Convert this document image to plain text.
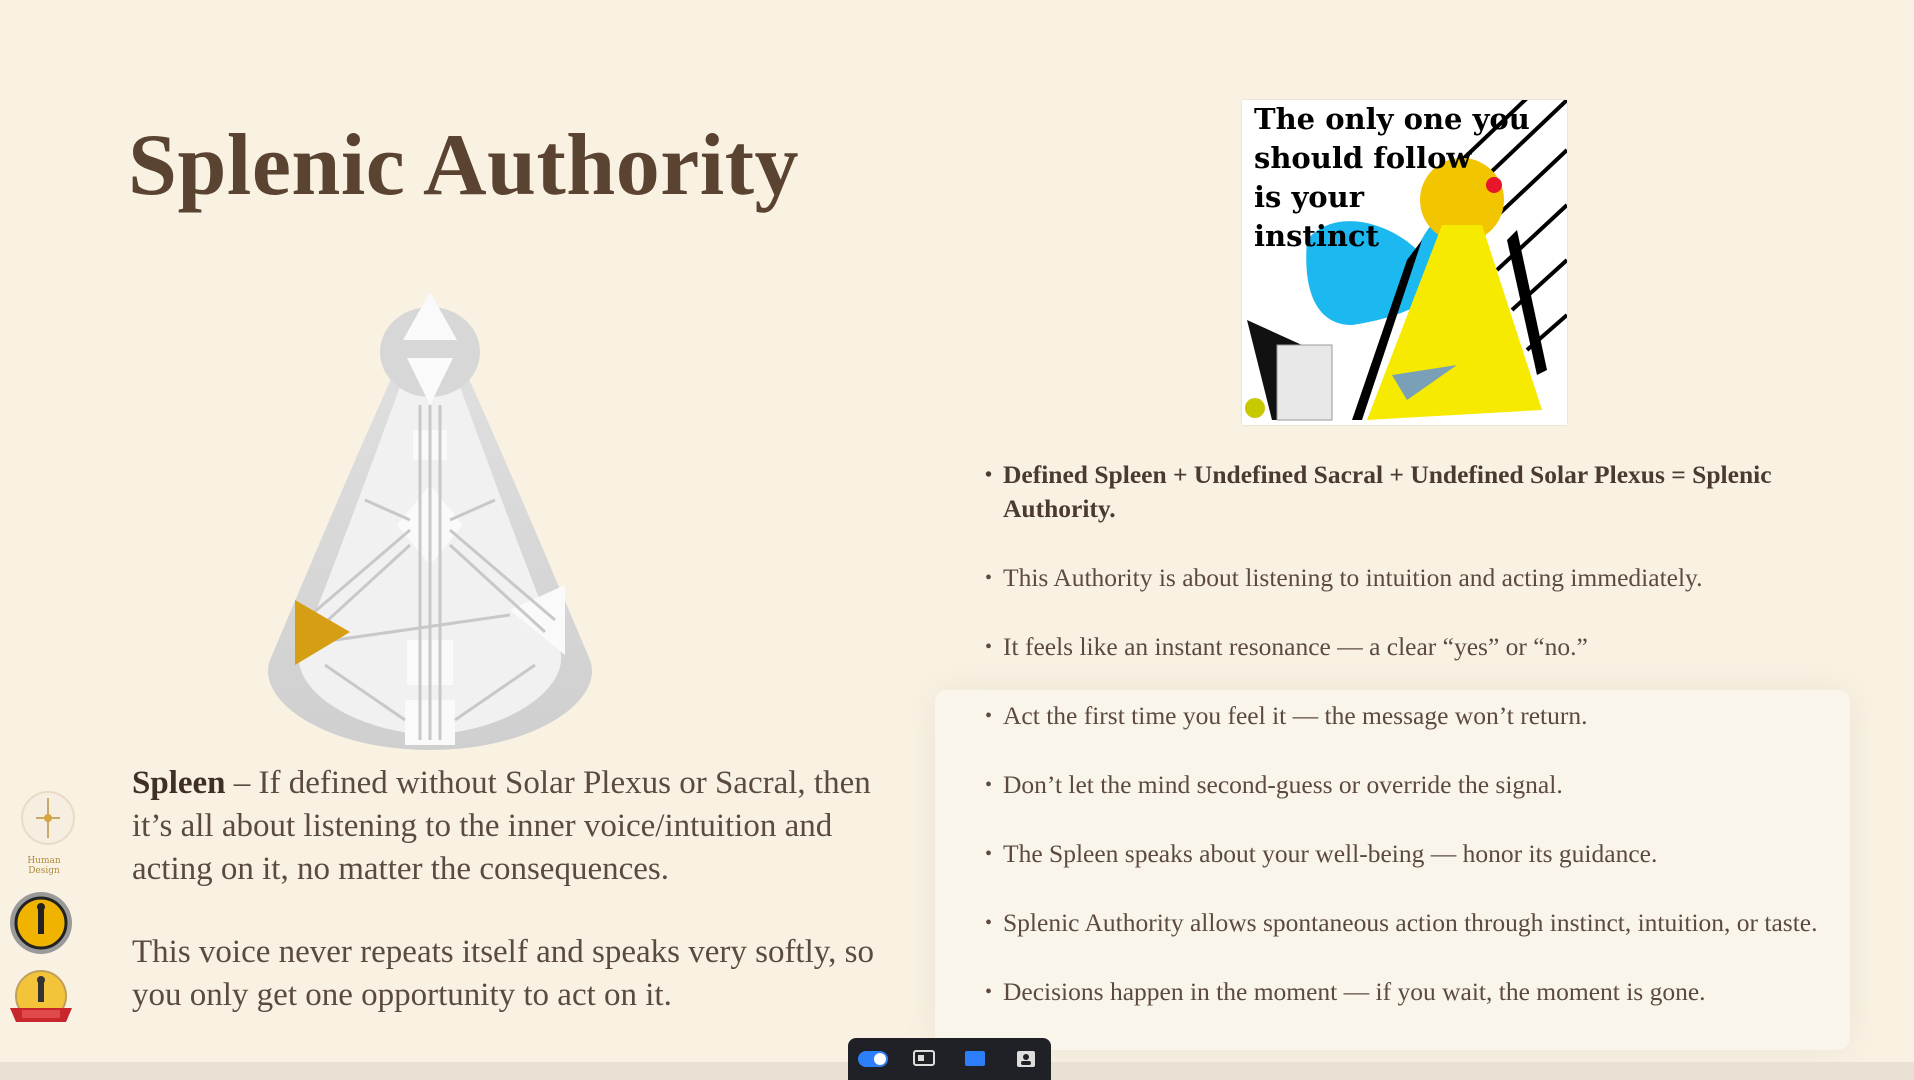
Splenic Authority

Spleen – If defined without Solar Plexus or Sacral, then it’s all about listening to the inner voice/intuition and acting on it, no matter the consequences.

This voice never repeats itself and speaks very softly, so you only get one opportunity to act on it.

The only one you
should follow
is your
instinct
• Defined Spleen + Undefined Sacral + Undefined Solar Plexus = Splenic Authority.
• This Authority is about listening to intuition and acting immediately.
• It feels like an instant resonance — a clear “yes” or “no.”
• Act the first time you feel it — the message won’t return.
• Don’t let the mind second-guess or override the signal.
• The Spleen speaks about your well-being — honor its guidance.
• Splenic Authority allows spontaneous action through instinct, intuition, or taste.
• Decisions happen in the moment — if you wait, the moment is gone.
Human Design
